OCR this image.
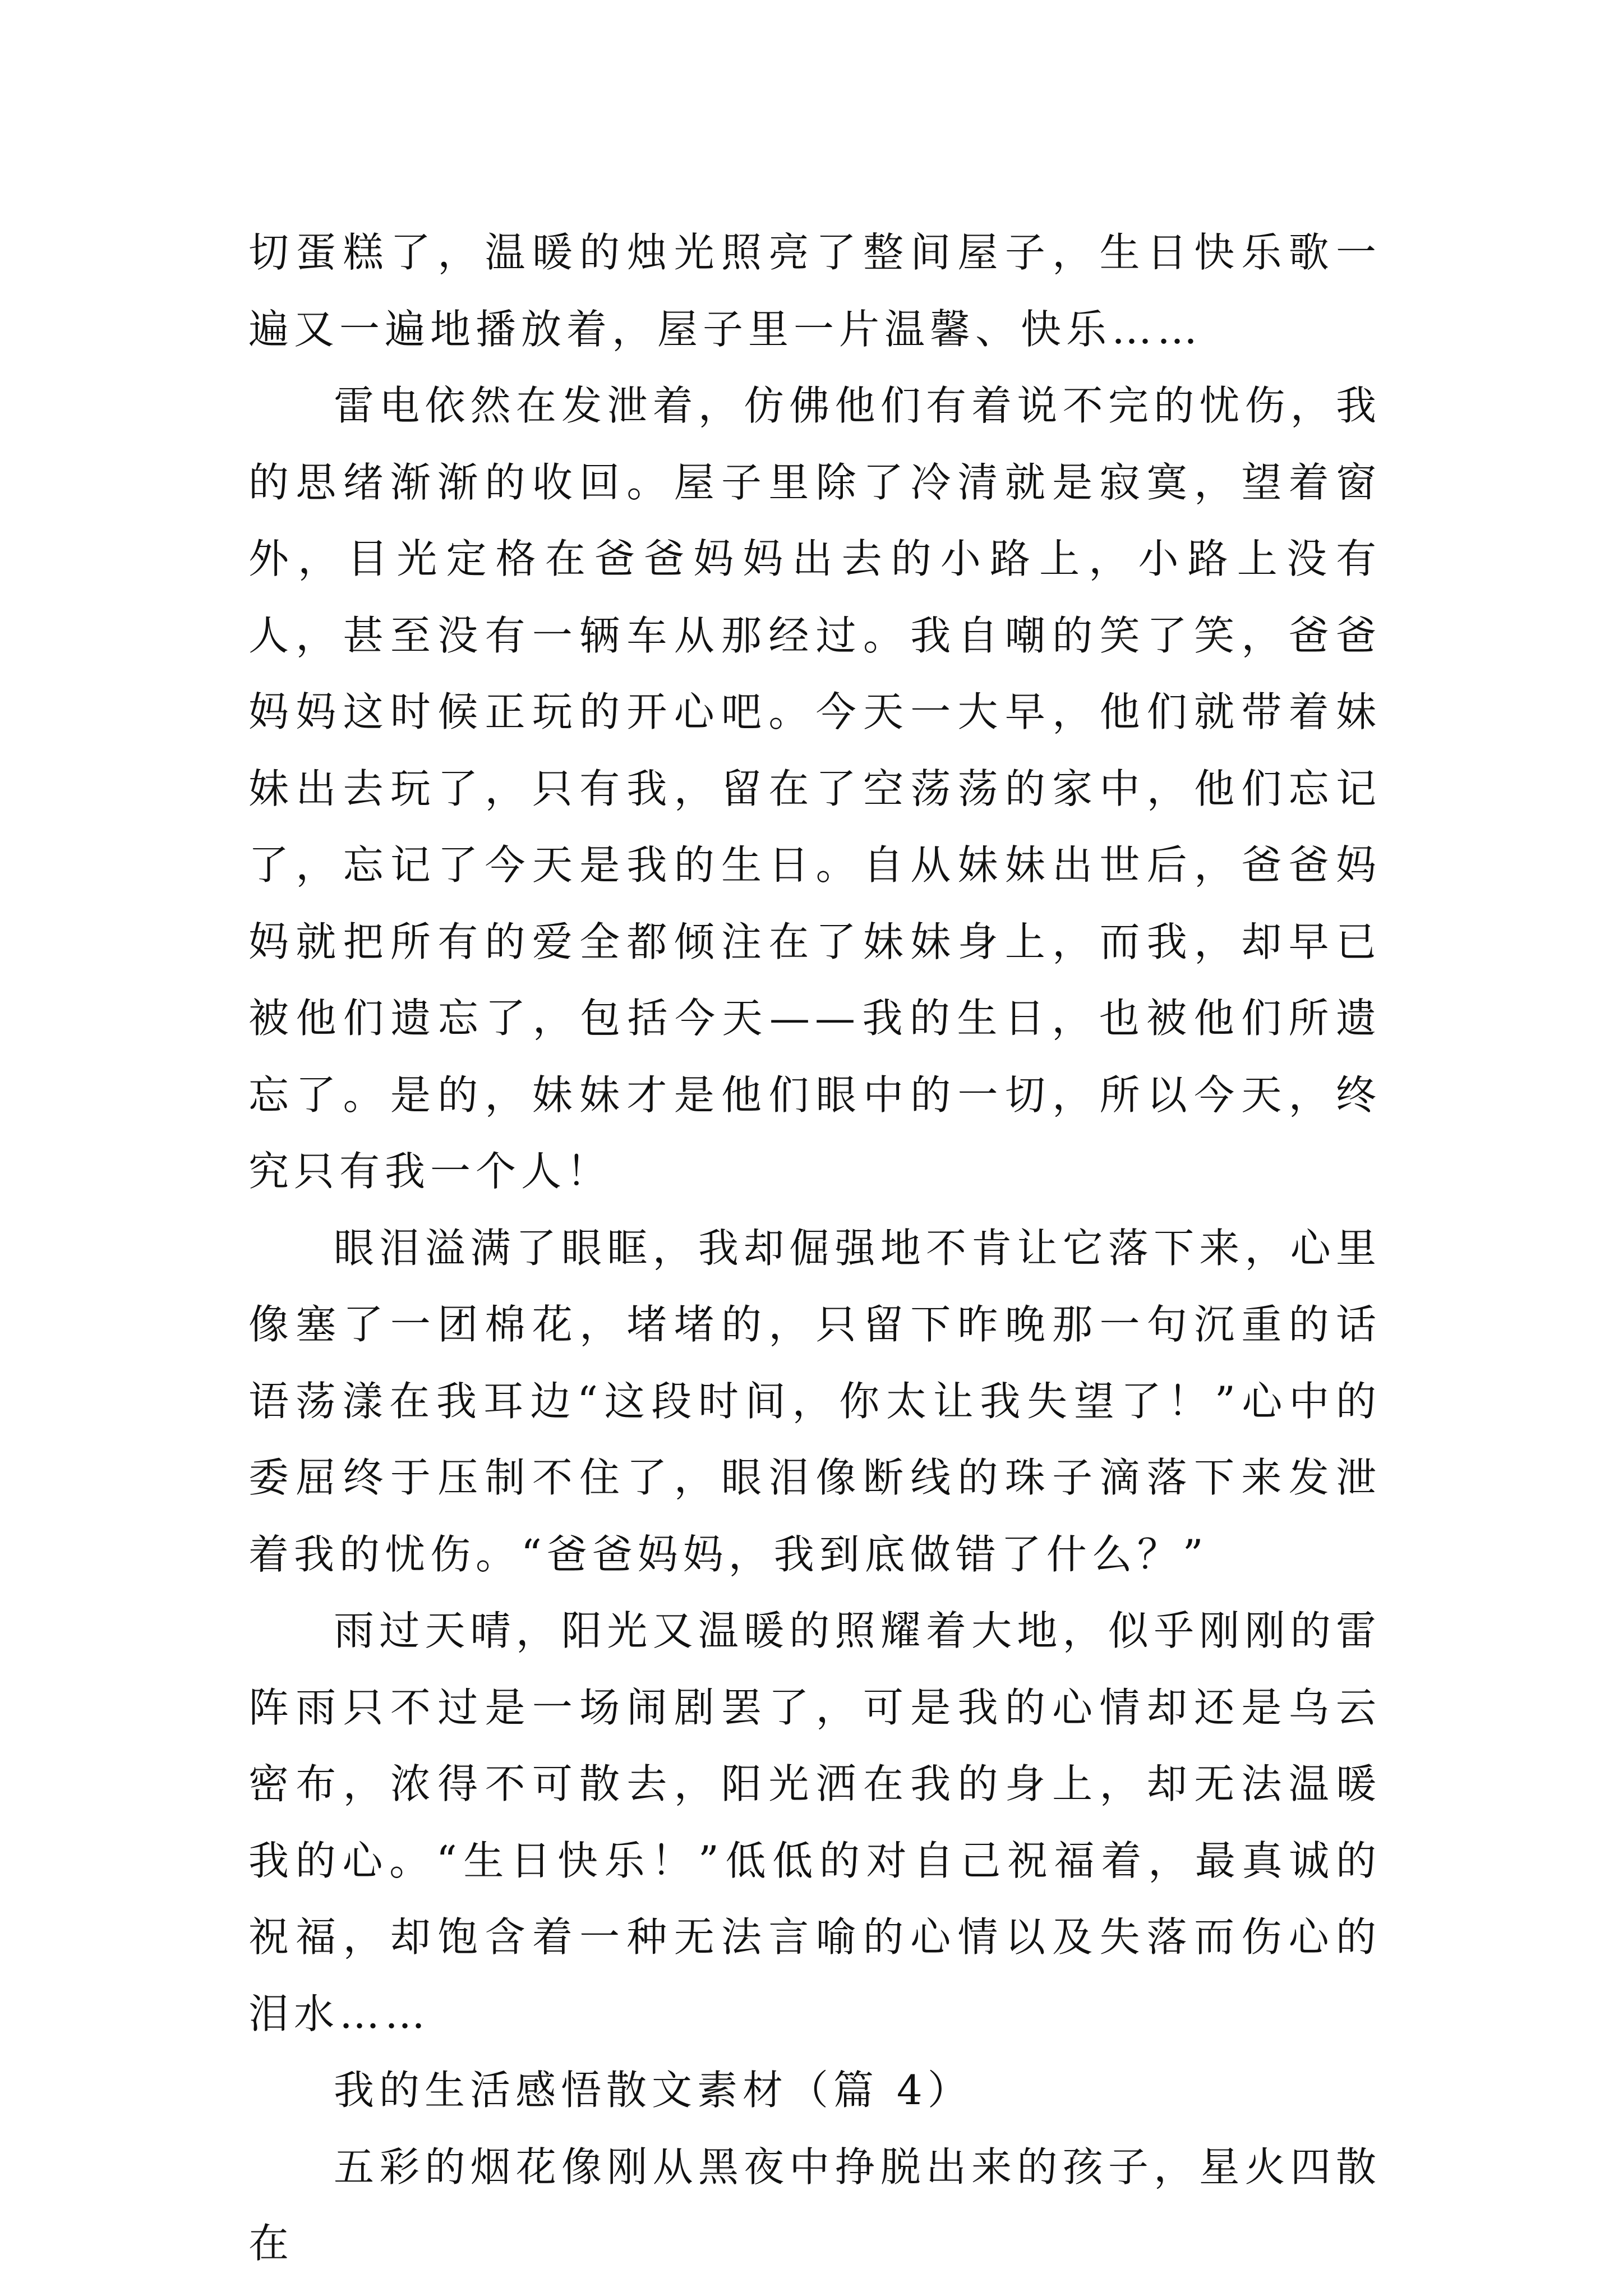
切蛋糕了，温暖的烛光照亮了整间屋子，生日快乐歌一遍又一遍地播放着，屋子里一片温馨、快乐……

雷电依然在发泄着，仿佛他们有着说不完的忧伤，我的思绪渐渐的收回。屋子里除了冷清就是寂寞，望着窗外，目光定格在爸爸妈妈出去的小路上，小路上没有人，甚至没有一辆车从那经过。我自嘲的笑了笑，爸爸妈妈这时候正玩的开心吧。今天一大早，他们就带着妹妹出去玩了，只有我，留在了空荡荡的家中，他们忘记了，忘记了今天是我的生日。自从妹妹出世后，爸爸妈妈就把所有的爱全都倾注在了妹妹身上，而我，却早已被他们遗忘了，包括今天——我的生日，也被他们所遗忘了。是的，妹妹才是他们眼中的一切，所以今天，终究只有我一个人！

眼泪溢满了眼眶，我却倔强地不肯让它落下来，心里像塞了一团棉花，堵堵的，只留下昨晚那一句沉重的话语荡漾在我耳边“这段时间，你太让我失望了！”心中的委屈终于压制不住了，眼泪像断线的珠子滴落下来发泄着我的忧伤。“爸爸妈妈，我到底做错了什么？”

雨过天晴，阳光又温暖的照耀着大地，似乎刚刚的雷阵雨只不过是一场闹剧罢了，可是我的心情却还是乌云密布，浓得不可散去，阳光洒在我的身上，却无法温暖我的心。“生日快乐！”低低的对自己祝福着，最真诚的祝福，却饱含着一种无法言喻的心情以及失落而伤心的泪水……

我的生活感悟散文素材（篇 4）

五彩的烟花像刚从黑夜中挣脱出来的孩子，星火四散在
